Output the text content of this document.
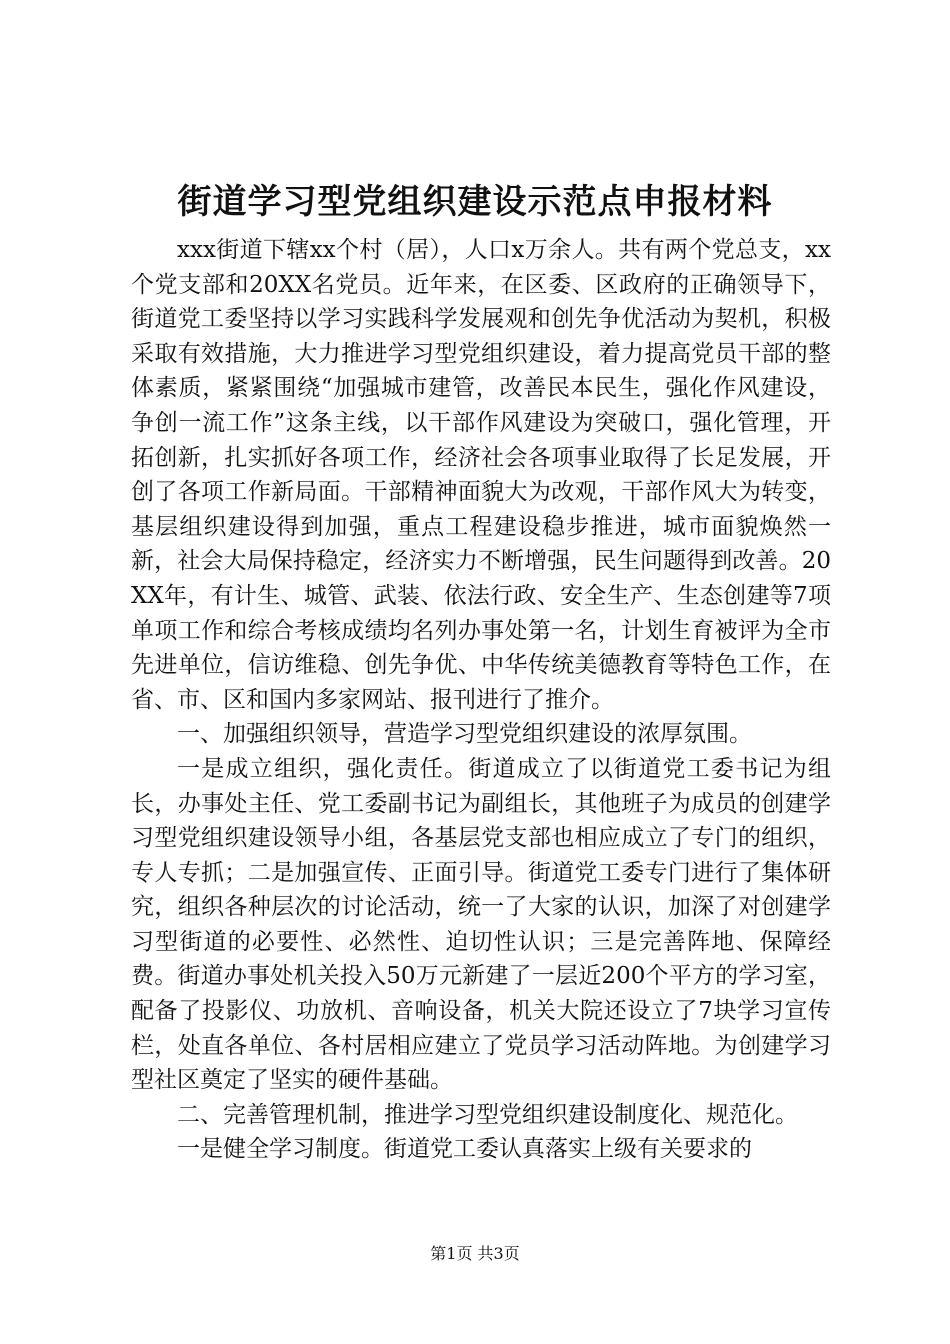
街道学习型党组织建设示范点申报材料

xxx街道下辖xx个村（居），人口x万余人。共有两个党总支，xx个党支部和20XX名党员。近年来，在区委、区政府的正确领导下，街道党工委坚持以学习实践科学发展观和创先争优活动为契机，积极采取有效措施，大力推进学习型党组织建设，着力提高党员干部的整体素质，紧紧围绕“加强城市建管，改善民本民生，强化作风建设，争创一流工作”这条主线，以干部作风建设为突破口，强化管理，开拓创新，扎实抓好各项工作，经济社会各项事业取得了长足发展，开创了各项工作新局面。干部精神面貌大为改观，干部作风大为转变，基层组织建设得到加强，重点工程建设稳步推进，城市面貌焕然一新，社会大局保持稳定，经济实力不断增强，民生问题得到改善。20XX年，有计生、城管、武装、依法行政、安全生产、生态创建等7项单项工作和综合考核成绩均名列办事处第一名，计划生育被评为全市先进单位，信访维稳、创先争优、中华传统美德教育等特色工作，在省、市、区和国内多家网站、报刊进行了推介。

一、加强组织领导，营造学习型党组织建设的浓厚氛围。

一是成立组织，强化责任。街道成立了以街道党工委书记为组长，办事处主任、党工委副书记为副组长，其他班子为成员的创建学习型党组织建设领导小组，各基层党支部也相应成立了专门的组织，专人专抓；二是加强宣传、正面引导。街道党工委专门进行了集体研究，组织各种层次的讨论活动，统一了大家的认识，加深了对创建学习型街道的必要性、必然性、迫切性认识；三是完善阵地、保障经费。街道办事处机关投入50万元新建了一层近200个平方的学习室，配备了投影仪、功放机、音响设备，机关大院还设立了7块学习宣传栏，处直各单位、各村居相应建立了党员学习活动阵地。为创建学习型社区奠定了坚实的硬件基础。

二、完善管理机制，推进学习型党组织建设制度化、规范化。

一是健全学习制度。街道党工委认真落实上级有关要求的

第1页 共3页
